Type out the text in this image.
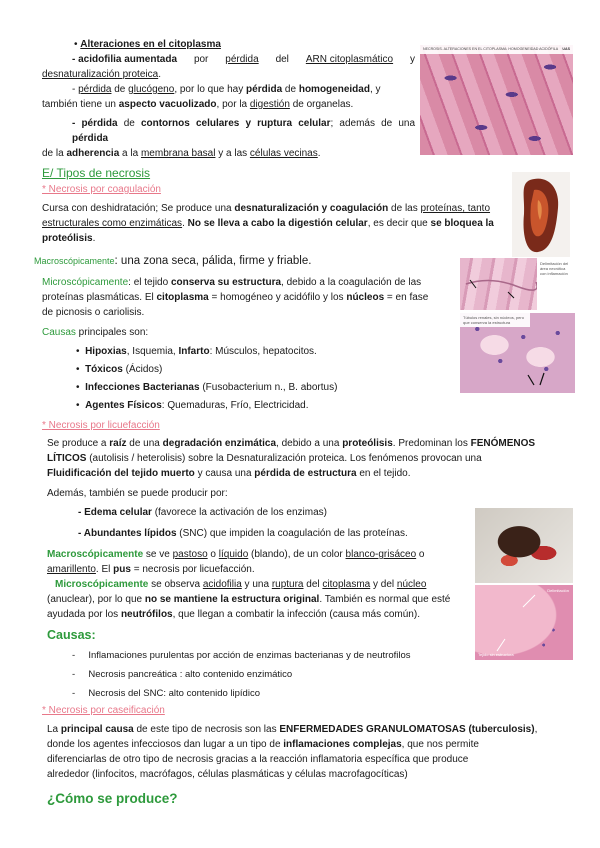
• Alteraciones en el citoplasma
- acidofilia aumentada por pérdida del ARN citoplasmático y
desnaturalización proteica.
- pérdida de glucógeno, por lo que hay pérdida de homogeneidad, y
también tiene un aspecto vacuolizado, por la digestión de organelas.
- pérdida de contornos celulares y ruptura celular; además de una pérdida
de la adherencia a la membrana basal y a las células vecinas.
NECROSIS. ALTERACIONES EN EL CITOPLASMA: HOMOGENEIDAD ACIDÓFILA UAS
E/ Tipos de necrosis
* Necrosis por coagulación
Cursa con deshidratación; Se produce una desnaturalización y coagulación de las proteínas, tanto
estructurales como enzimáticas. No se lleva a cabo la digestión celular, es decir que se bloquea la
proteólisis.
Macroscópicamente: una zona seca, pálida, firme y friable.
Microscópicamente: el tejido conserva su estructura, debido a la coagulación de las
proteínas plasmáticas. El citoplasma = homogéneo y acidófilo y los núcleos = en fase
de picnosis o cariolisis.
Delimitación del área necrótica con inflamación
Túbulos renales, sin núcleos, pero que conserva la estructura
Causas principales son:
•  Hipoxias, Isquemia, Infarto: Músculos, hepatocitos.
•  Tóxicos (Ácidos)
•  Infecciones Bacterianas (Fusobacterium n., B. abortus)
•  Agentes Físicos: Quemaduras, Frío, Electricidad.
* Necrosis por licuefacción
Se produce a raíz de una degradación enzimática, debido a una proteólisis. Predominan los FENÓMENOS
LÍTICOS (autolisis / heterolisis) sobre la Desnaturalización proteica. Los fenómenos provocan una
Fluidificación del tejido muerto y causa una pérdida de estructura en el tejido.
Además, también se puede producir por:
- Edema celular (favorece la activación de los enzimas)
- Abundantes lípidos (SNC) que impiden la coagulación de las proteínas.
Macroscópicamente se ve pastoso o líquido (blando), de un color blanco-grisáceo o
amarillento. El pus = necrosis por licuefacción.
Microscópicamente se observa acidofilia y una ruptura del citoplasma y del núcleo
(anuclear), por lo que no se mantiene la estructura original. También es normal que esté
ayudada por los neutrófilos, que llegan a combatir la infección (causa más común).
Delimitación
Tejido sin estructura
Causas:
-     Inflamaciones purulentas por acción de enzimas bacterianas y de neutrofilos
-     Necrosis pancreática : alto contenido enzimático
-     Necrosis del SNC: alto contenido lipídico
* Necrosis por caseificación
La principal causa de este tipo de necrosis son las ENFERMEDADES GRANULOMATOSAS (tuberculosis),
donde los agentes infecciosos dan lugar a un tipo de inflamaciones complejas, que nos permite
diferenciarlas de otro tipo de necrosis gracias a la reacción inflamatoria específica que produce
alrededor (linfocitos, macrófagos, células plasmáticas y células macrofagocíticas)
¿Cómo se produce?
